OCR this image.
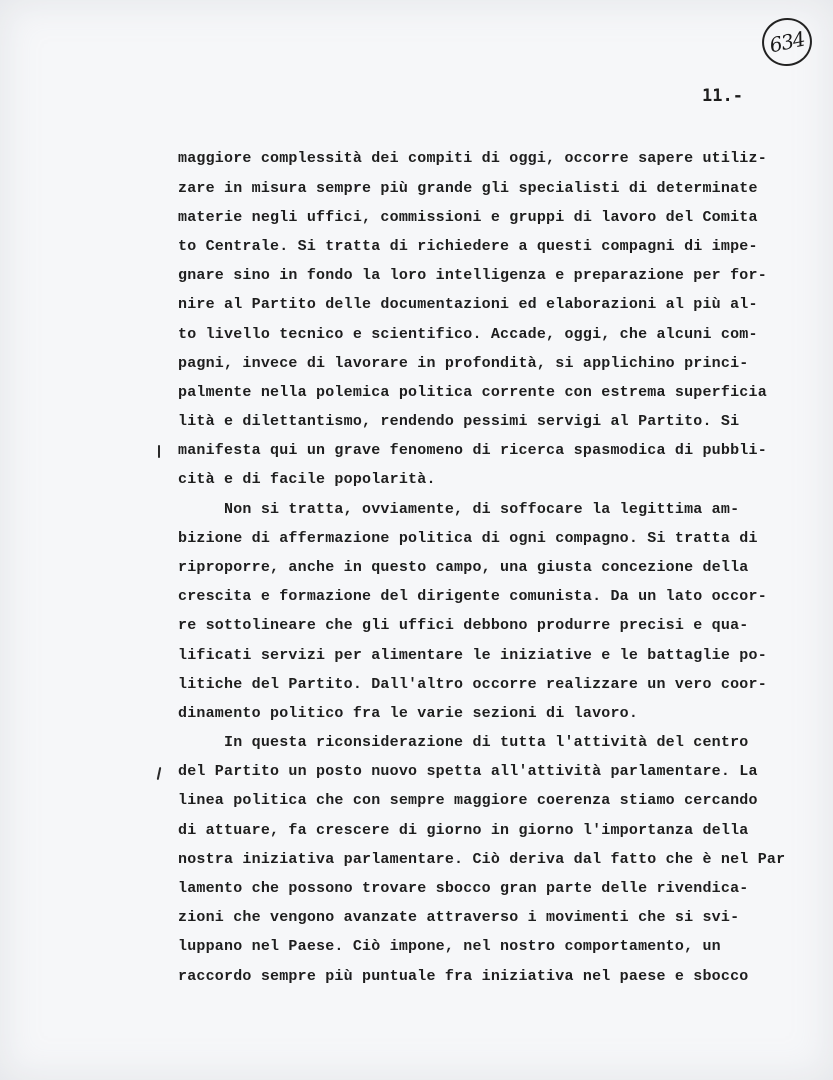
634
11.-
maggiore complessità dei compiti di oggi, occorre sapere utiliz-
zare in misura sempre più grande gli specialisti di determinate
materie negli uffici, commissioni e gruppi di lavoro del Comita
to Centrale. Si tratta di richiedere a questi compagni di impe-
gnare sino in fondo la loro intelligenza e preparazione per for-
nire al Partito delle documentazioni ed elaborazioni al più al-
to livello tecnico e scientifico. Accade, oggi, che alcuni com-
pagni, invece di lavorare in profondità, si applichino princi-
palmente nella polemica politica corrente con estrema superficia
lità e dilettantismo, rendendo pessimi servigi al Partito. Si
manifesta qui un grave fenomeno di ricerca spasmodica di pubbli-
cità e di facile popolarità.
Non si tratta, ovviamente, di soffocare la legittima am-
bizione di affermazione politica di ogni compagno. Si tratta di
riproporre, anche in questo campo, una giusta concezione della
crescita e formazione del dirigente comunista. Da un lato occor-
re sottolineare che gli uffici debbono produrre precisi e qua-
lificati servizi per alimentare le iniziative e le battaglie po-
litiche del Partito. Dall'altro occorre realizzare un vero coor-
dinamento politico fra le varie sezioni di lavoro.
In questa riconsiderazione di tutta l'attività del centro
del Partito un posto nuovo spetta all'attività parlamentare. La
linea politica che con sempre maggiore coerenza stiamo cercando
di attuare, fa crescere di giorno in giorno l'importanza della
nostra iniziativa parlamentare. Ciò deriva dal fatto che è nel Par
lamento che possono trovare sbocco gran parte delle rivendica-
zioni che vengono avanzate attraverso i movimenti che si svi-
luppano nel Paese. Ciò impone, nel nostro comportamento, un
raccordo sempre più puntuale fra iniziativa nel paese e sbocco
